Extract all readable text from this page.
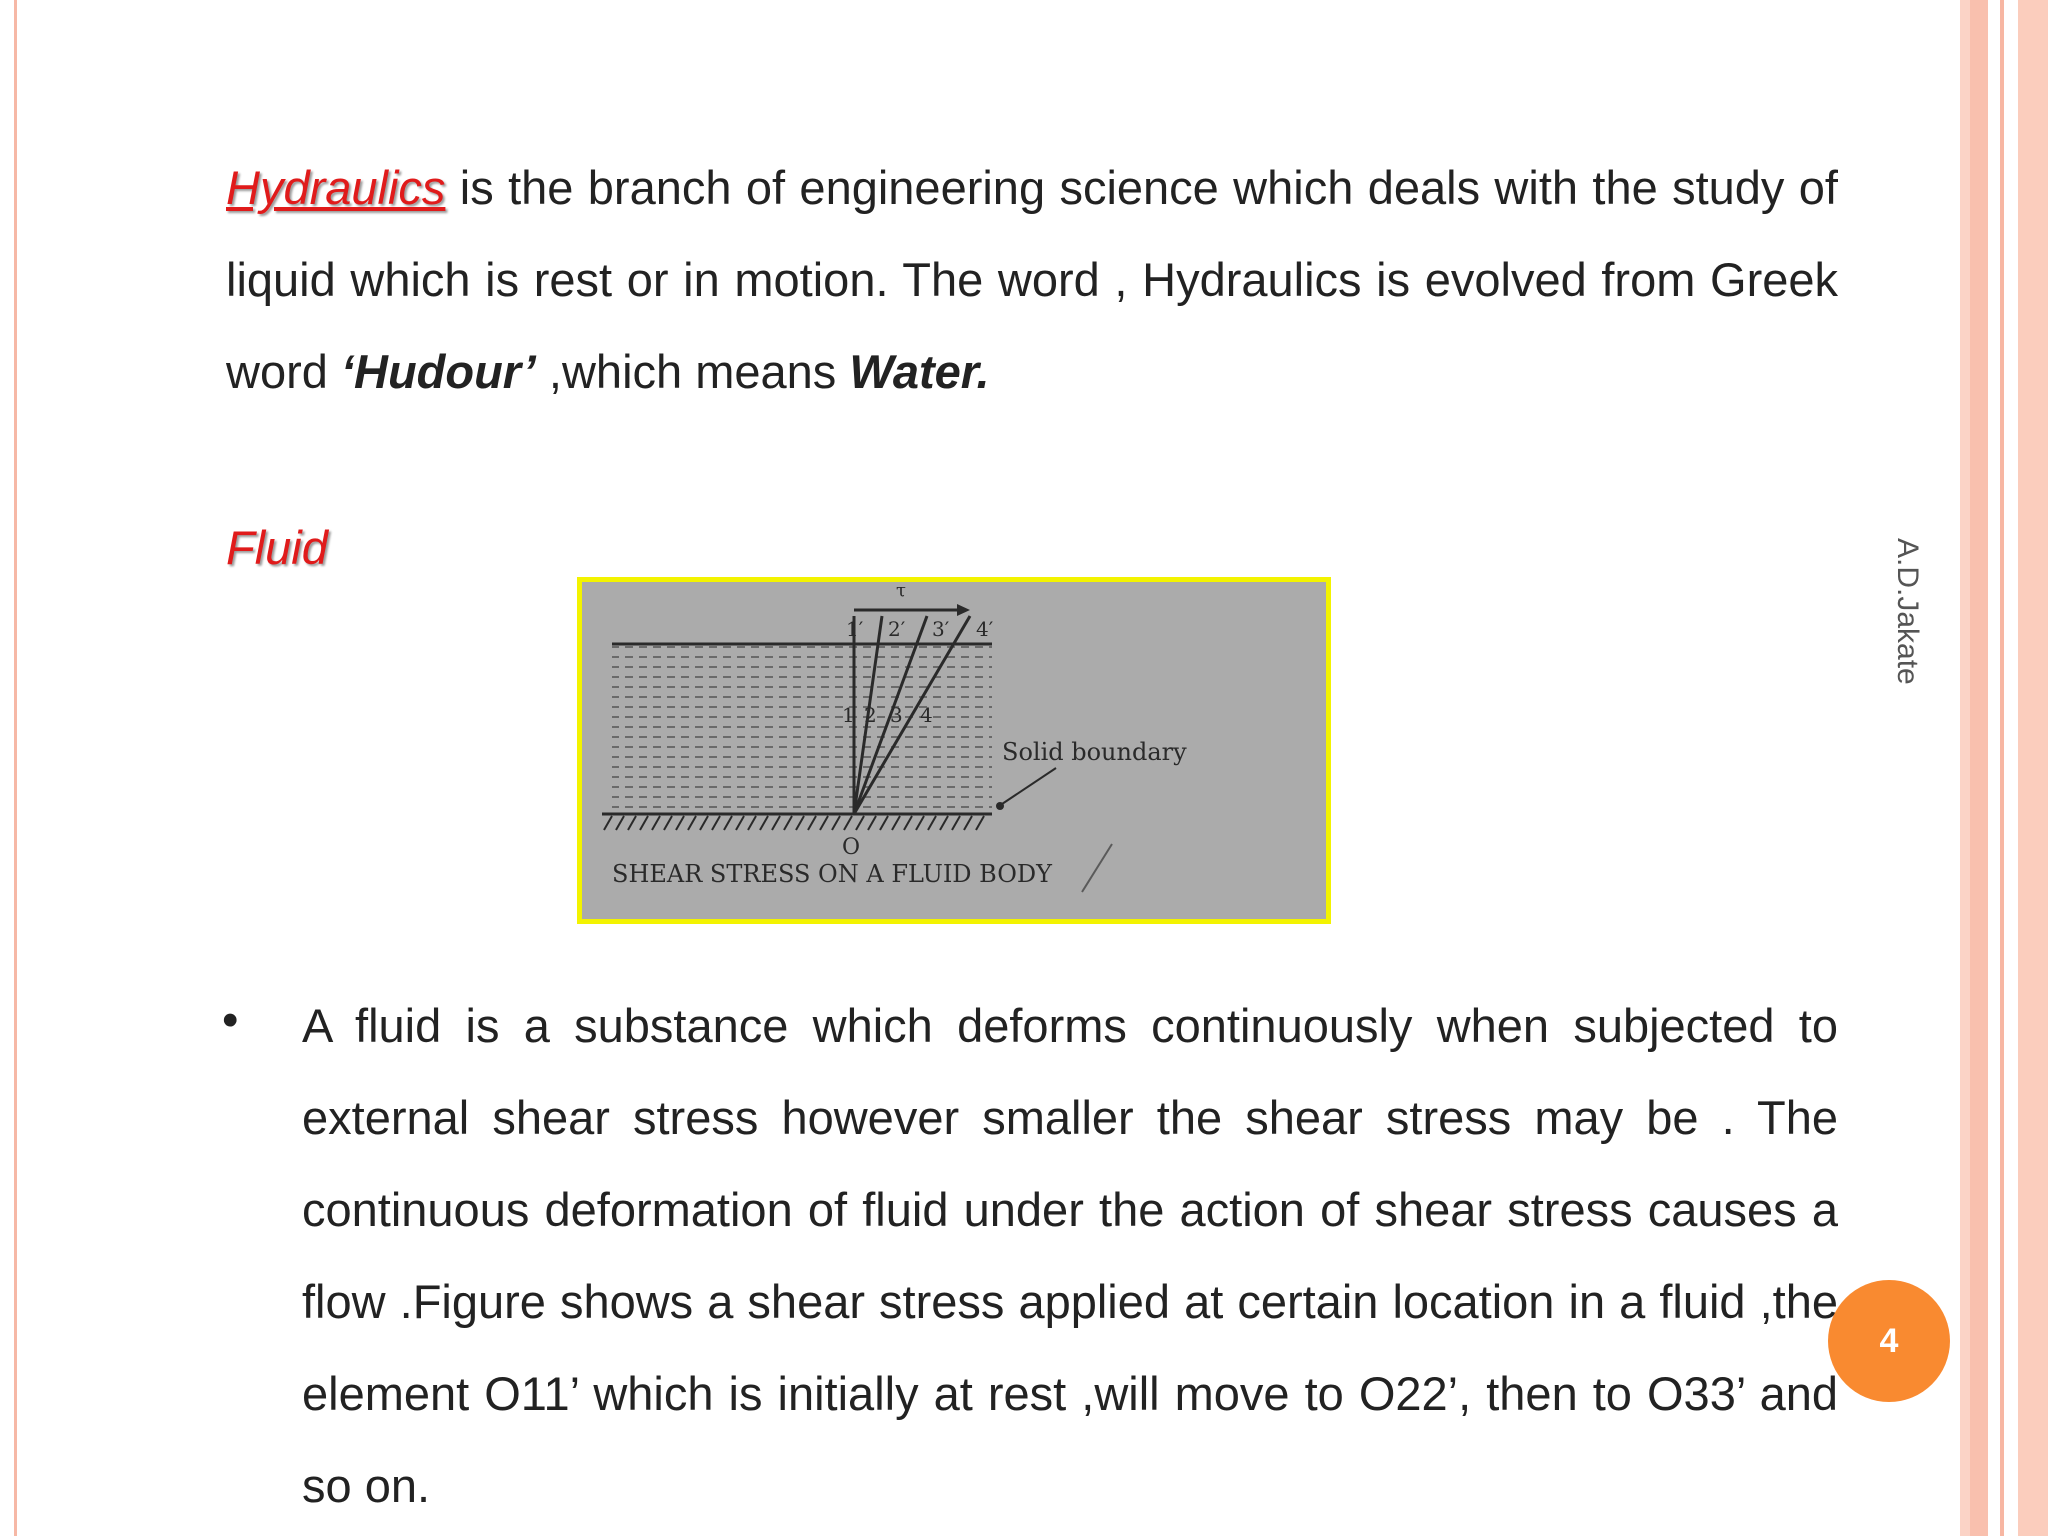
Hydraulics is the branch of engineering science which deals with the study of liquid which is rest or in motion. The word , Hydraulics is evolved from Greek word ‘Hudour’ ,which means Water.
Fluid
τ
1′ 2′ 3′ 4′
1 2 3 4
O
Solid boundary
SHEAR STRESS ON A FLUID BODY
• A fluid is a substance which deforms continuously when subjected to external shear stress however smaller the shear stress may be . The continuous deformation of fluid under the action of shear stress causes a flow .Figure shows a shear stress applied at certain location in a fluid ,the element O11’ which is initially at rest ,will move to O22’, then to O33’ and so on.
A.D.Jakate
4
